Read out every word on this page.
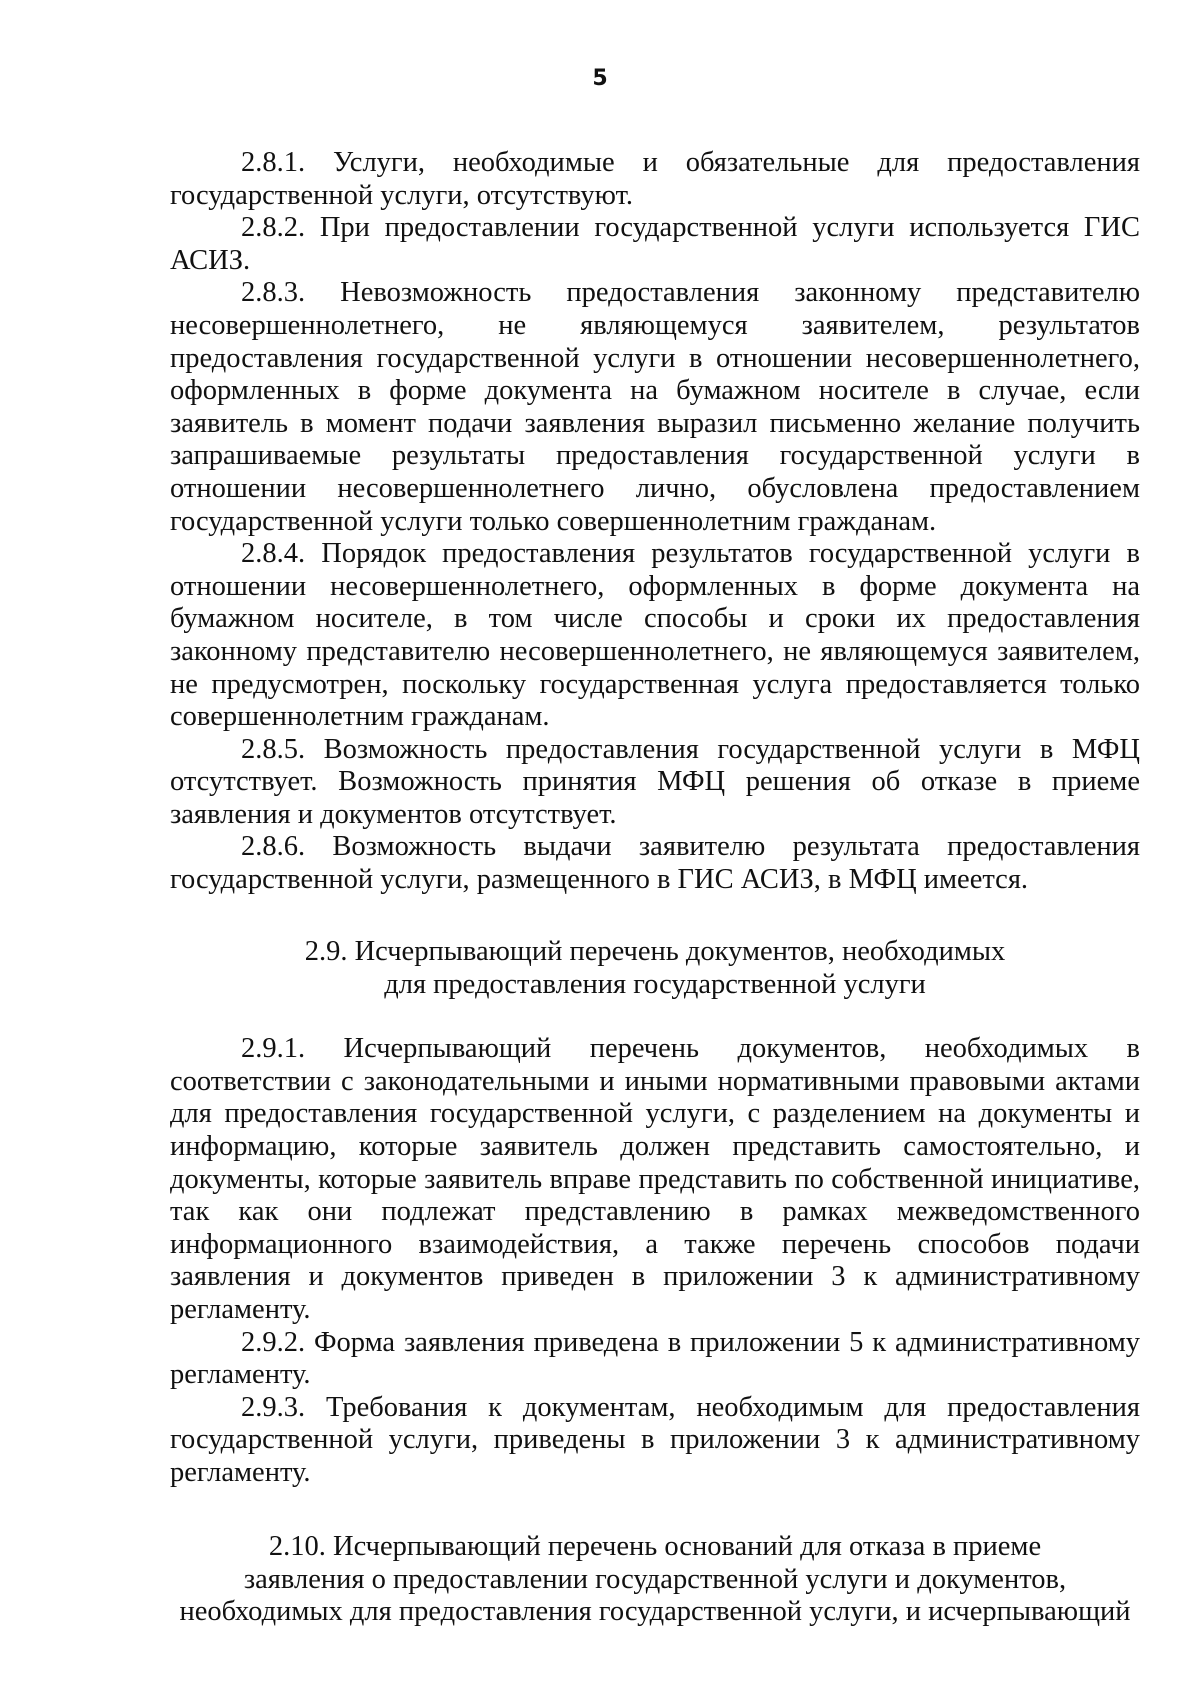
5

2.8.1. Услуги, необходимые и обязательные для предоставления государственной услуги, отсутствуют.

2.8.2. При предоставлении государственной услуги используется ГИС АСИЗ.

2.8.3. Невозможность предоставления законному представителю несовершеннолетнего, не являющемуся заявителем, результатов предоставления государственной услуги в отношении несовершеннолетнего, оформленных в форме документа на бумажном носителе в случае, если заявитель в момент подачи заявления выразил письменно желание получить запрашиваемые результаты предоставления государственной услуги в отношении несовершеннолетнего лично, обусловлена предоставлением государственной услуги только совершеннолетним гражданам.

2.8.4. Порядок предоставления результатов государственной услуги в отношении несовершеннолетнего, оформленных в форме документа на бумажном носителе, в том числе способы и сроки их предоставления законному представителю несовершеннолетнего, не являющемуся заявителем, не предусмотрен, поскольку государственная услуга предоставляется только совершеннолетним гражданам.

2.8.5. Возможность предоставления государственной услуги в МФЦ отсутствует. Возможность принятия МФЦ решения об отказе в приеме заявления и документов отсутствует.

2.8.6. Возможность выдачи заявителю результата предоставления государственной услуги, размещенного в ГИС АСИЗ, в МФЦ имеется.

2.9. Исчерпывающий перечень документов, необходимых
для предоставления государственной услуги

2.9.1. Исчерпывающий перечень документов, необходимых в соответствии с законодательными и иными нормативными правовыми актами для предоставления государственной услуги, с разделением на документы и информацию, которые заявитель должен представить самостоятельно, и документы, которые заявитель вправе представить по собственной инициативе, так как они подлежат представлению в рамках межведомственного информационного взаимодействия, а также перечень способов подачи заявления и документов приведен в приложении 3 к административному регламенту.

2.9.2. Форма заявления приведена в приложении 5 к административному регламенту.

2.9.3. Требования к документам, необходимым для предоставления государственной услуги, приведены в приложении 3 к административному регламенту.

2.10. Исчерпывающий перечень оснований для отказа в приеме
заявления о предоставлении государственной услуги и документов,
необходимых для предоставления государственной услуги, и исчерпывающий
